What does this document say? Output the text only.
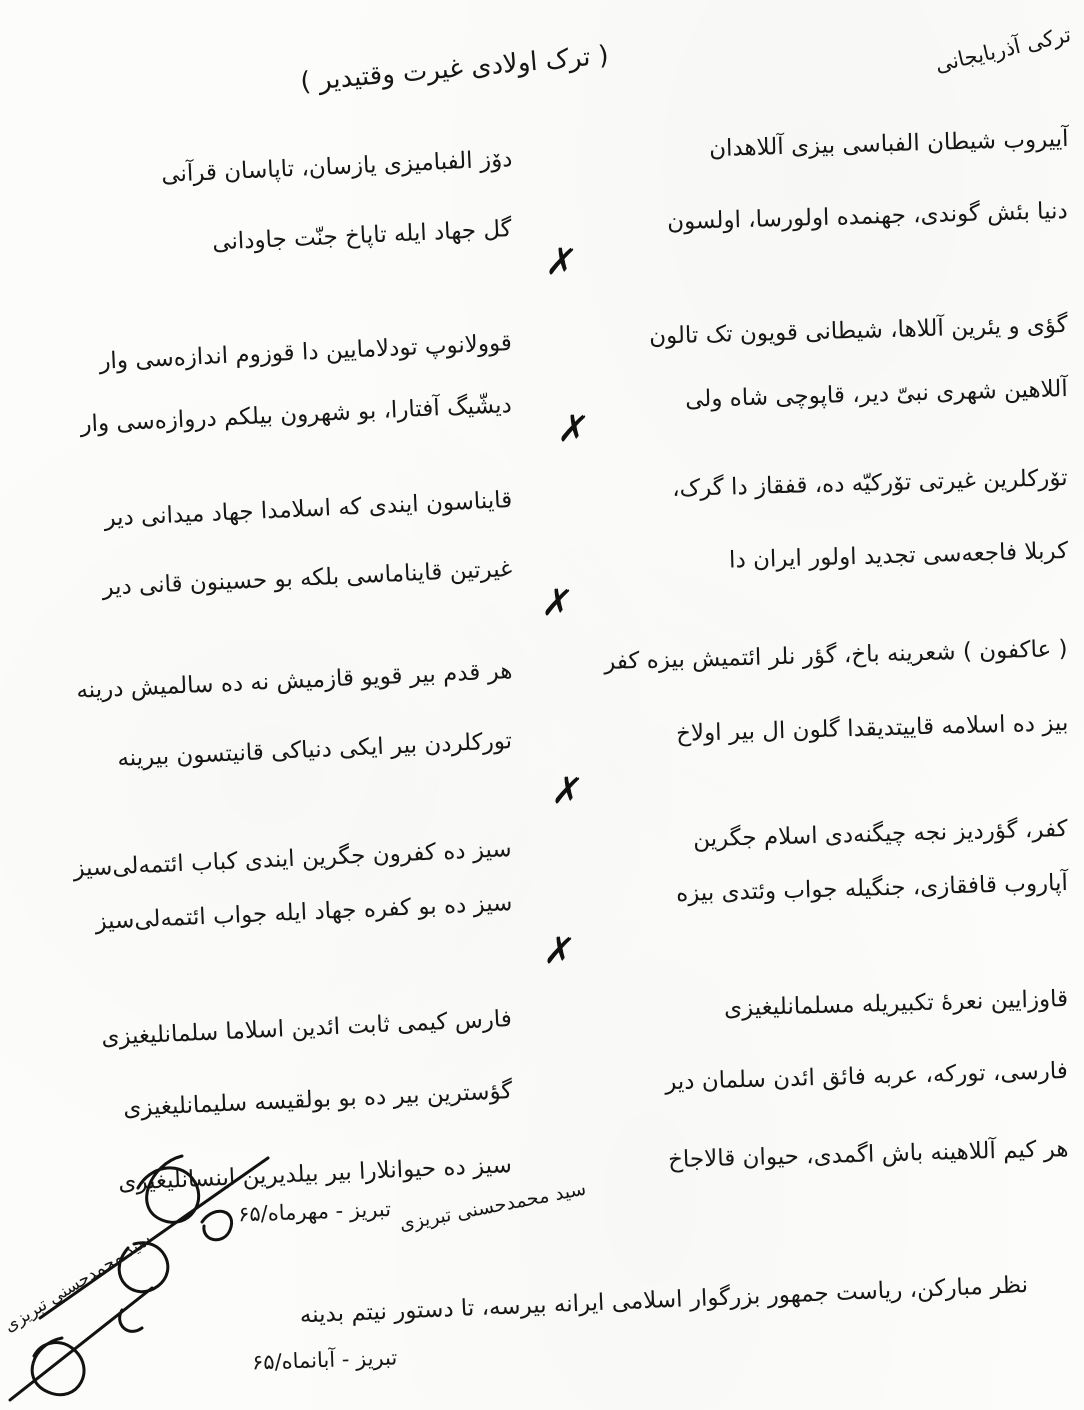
ترکی آذربایجانی
( ترک اولادی غیرت وقتیدیر )
آییروب شیطان الفباسی بیزی آللاهدان
دۆز الفبامیزی یازسان، تاپاسان قرآنی
دنیا بئش گوندی، جهنمده اولورسا، اولسون
گل جهاد ایله تاپاخ جنّت جاودانی
✗
گؤی و یئرین آللاها، شیطانی قویون تک تالون
قوولانوپ تودلامایین دا قوزوم اندازه‌سی وار
آللاهین شهری نبیّ دیر، قاپوچی شاه ولی
دیشّیگ آفتارا، بو شهرون بیلکم دروازه‌سی وار ✗
تۆرکلرین غیرتی تۆرکیّه ده، قفقاز دا گرک،
قایناسون ایندی که اسلامدا جهاد میدانی دیر
کربلا فاجعه‌سی تجدید اولور ایران دا
غیرتین قایناماسی بلکه بو حسینون قانی دیر ✗
( عاکفون ) شعرینه باخ، گؤر نلر ائتمیش بیزه کفر
هر قدم بیر قویو قازمیش نه ده سالمیش درینه
بیز ده اسلامه قاییتدیقدا گلون ال بیر اولاخ
تورکلردن بیر ایکی دنیاکی قانیتسون بیرینه
✗
کفر، گؤردیز نجه چیگنه‌دی اسلام جگرین
سیز ده کفرون جگرین ایندی کباب ائتمه‌لی‌سیز
آپاروب قافقازی، جنگیله جواب وئتدی بیزه
سیز ده بو کفره جهاد ایله جواب ائتمه‌لی‌سیز
✗
قاوزایین نعرهٔ تکبیریله مسلمانلیغیزی
فارس کیمی ثابت ائدین اسلاما سلمانلیغیزی
فارسی، تورکه، عربه فائق ائدن سلمان دیر
گؤسترین بیر ده بو بولقیسه سلیمانلیغیزی
هر کیم آللاهینه باش اگمدی، حیوان قالاجاخ
سیز ده حیوانلارا بیر بیلدیرین اینسانلیغیزی
سید محمدحسنی تبریزی تبریز - مهرماه/۶۵
نظر مبارکن، ریاست جمهور بزرگوار اسلامی ایرانه بیرسه، تا دستور نیتم بدینه
سید محمدحسنی تبریزی
تبریز - آبانماه/۶۵
